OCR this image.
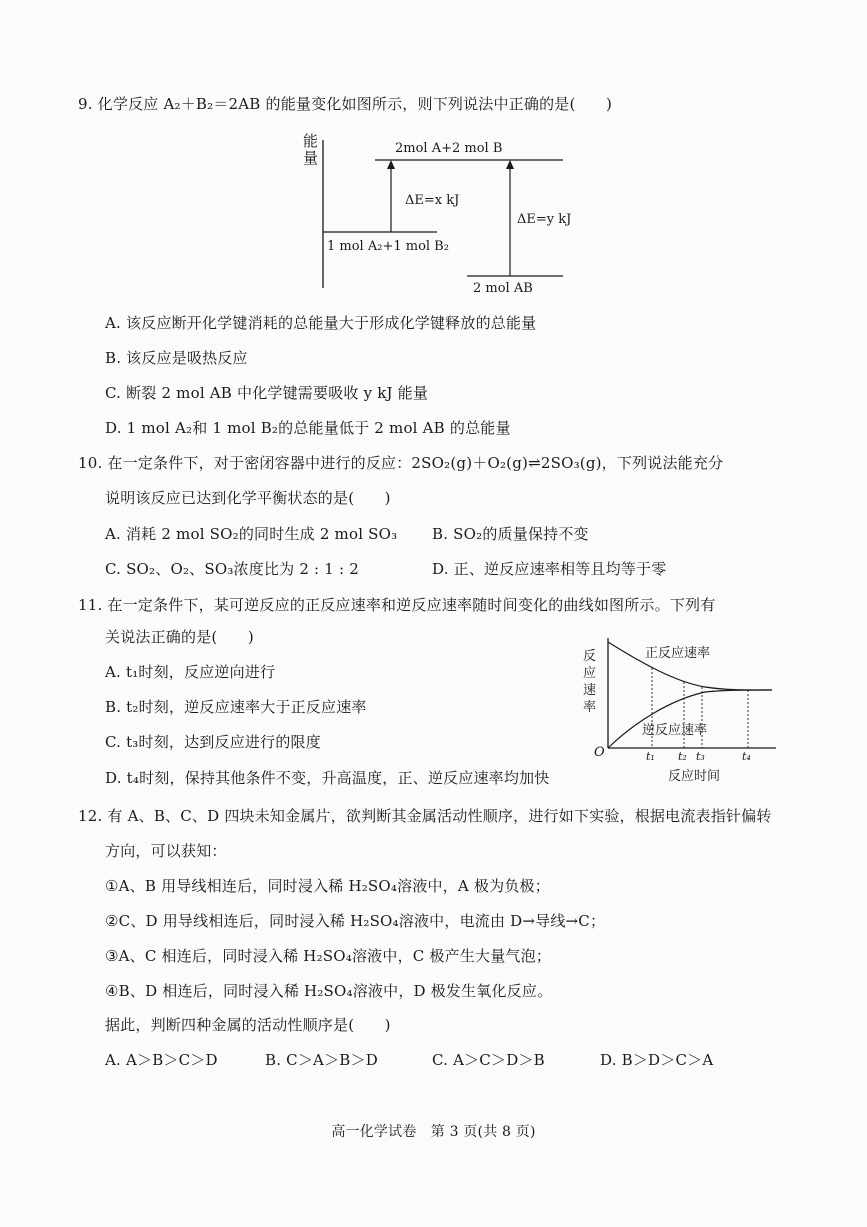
9. 化学反应 A₂＋B₂＝2AB 的能量变化如图所示，则下列说法中正确的是(　　)
能
量
2mol A+2 mol B
1 mol A₂+1 mol B₂
2 mol AB
ΔE=x kJ
ΔE=y kJ
A. 该反应断开化学键消耗的总能量大于形成化学键释放的总能量
B. 该反应是吸热反应
C. 断裂 2 mol AB 中化学键需要吸收 y kJ 能量
D. 1 mol A₂和 1 mol B₂的总能量低于 2 mol AB 的总能量
10. 在一定条件下，对于密闭容器中进行的反应：2SO₂(g)＋O₂(g)⇌2SO₃(g)，下列说法能充分
说明该反应已达到化学平衡状态的是(　　)
A. 消耗 2 mol SO₂的同时生成 2 mol SO₃ B. SO₂的质量保持不变
C. SO₂、O₂、SO₃浓度比为 2 : 1 : 2	D. 正、逆反应速率相等且均等于零
11. 在一定条件下，某可逆反应的正反应速率和逆反应速率随时间变化的曲线如图所示。下列有
关说法正确的是(　　)
A. t₁时刻，反应逆向进行
B. t₂时刻，逆反应速率大于正反应速率
C. t₃时刻，达到反应进行的限度
D. t₄时刻，保持其他条件不变，升高温度，正、逆反应速率均加快
反
应
速
率
O
正反应速率
逆反应速率
t₁ t₂ t₃	t₄
反应时间
12. 有 A、B、C、D 四块未知金属片，欲判断其金属活动性顺序，进行如下实验，根据电流表指针偏转
方向，可以获知：
①A、B 用导线相连后，同时浸入稀 H₂SO₄溶液中，A 极为负极；
②C、D 用导线相连后，同时浸入稀 H₂SO₄溶液中，电流由 D→导线→C；
③A、C 相连后，同时浸入稀 H₂SO₄溶液中，C 极产生大量气泡；
④B、D 相连后，同时浸入稀 H₂SO₄溶液中，D 极发生氧化反应。
据此，判断四种金属的活动性顺序是(　　)
A. A＞B＞C＞D	B. C＞A＞B＞D	C. A＞C＞D＞B	D. B＞D＞C＞A
高一化学试卷　第 3 页(共 8 页)
